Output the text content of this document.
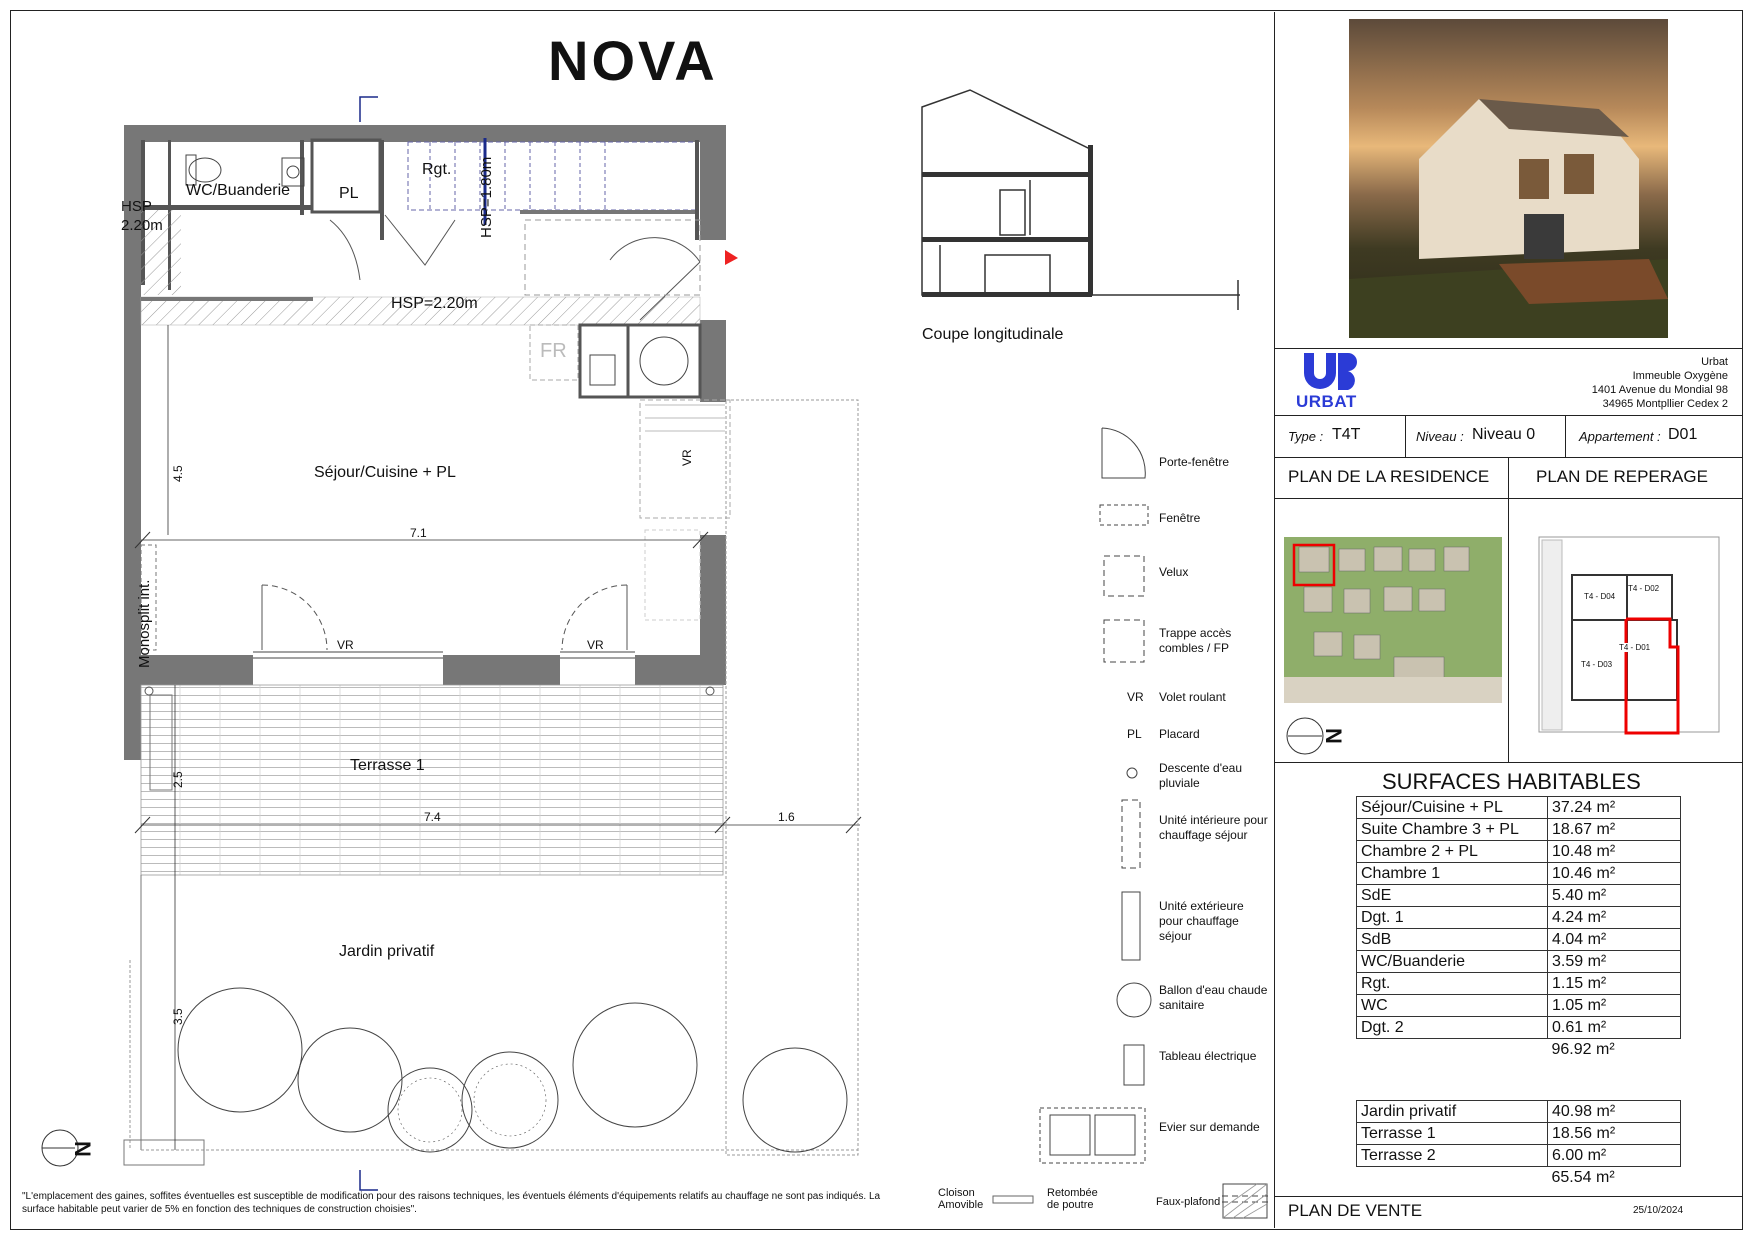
NOVA
Rgt.
WC/Buanderie	PL	HSP=1.80m
HSP
2.20m
HSP=2.20m
FR
Séjour/Cuisine + PL
VR
Monosplit int.	VR	VR
Terrasse 1
Jardin privatif
4.5
7.1
2.5
7.4	1.6
3.5
N
Coupe longitudinale
Porte-fenêtre
Fenêtre
Velux
Trappe accès combles / FP
VR Volet roulant
PL Placard
Descente d'eau pluviale
Unité intérieure pour chauffage séjour
Unité extérieure pour chauffage séjour
Ballon d'eau chaude sanitaire
Tableau électrique
Evier sur demande
Cloison Amovible
Retombée de poutre	Faux-plafond
"L'emplacement des gaines, soffites éventuelles est susceptible de modification pour des raisons techniques, les éventuels éléments d'équipements relatifs au chauffage ne sont pas indiqués. La surface habitable peut varier de 5% en fonction des techniques de construction choisies".
URBAT
Urbat
Immeuble Oxygène
1401 Avenue du Mondial 98
34965 Montpllier Cedex 2
Type : T4T	Niveau : Niveau 0	Appartement : D01
PLAN DE LA RESIDENCE	PLAN DE REPERAGE
T4 - D04
T4 - D02
T4 - D01
T4 - D03
N
SURFACES HABITABLES
Séjour/Cuisine + PL	37.24 m²
Suite Chambre 3 + PL	18.67 m²
Chambre 2 + PL	10.48 m²
Chambre 1	10.46 m²
SdE	5.40 m²
Dgt. 1	4.24 m²
SdB	4.04 m²
WC/Buanderie	3.59 m²
Rgt.	1.15 m²
WC	1.05 m²
Dgt. 2	0.61 m²
	96.92 m²
Jardin privatif	40.98 m²
Terrasse 1	18.56 m²
Terrasse 2	6.00 m²
	65.54 m²
PLAN DE VENTE	25/10/2024
